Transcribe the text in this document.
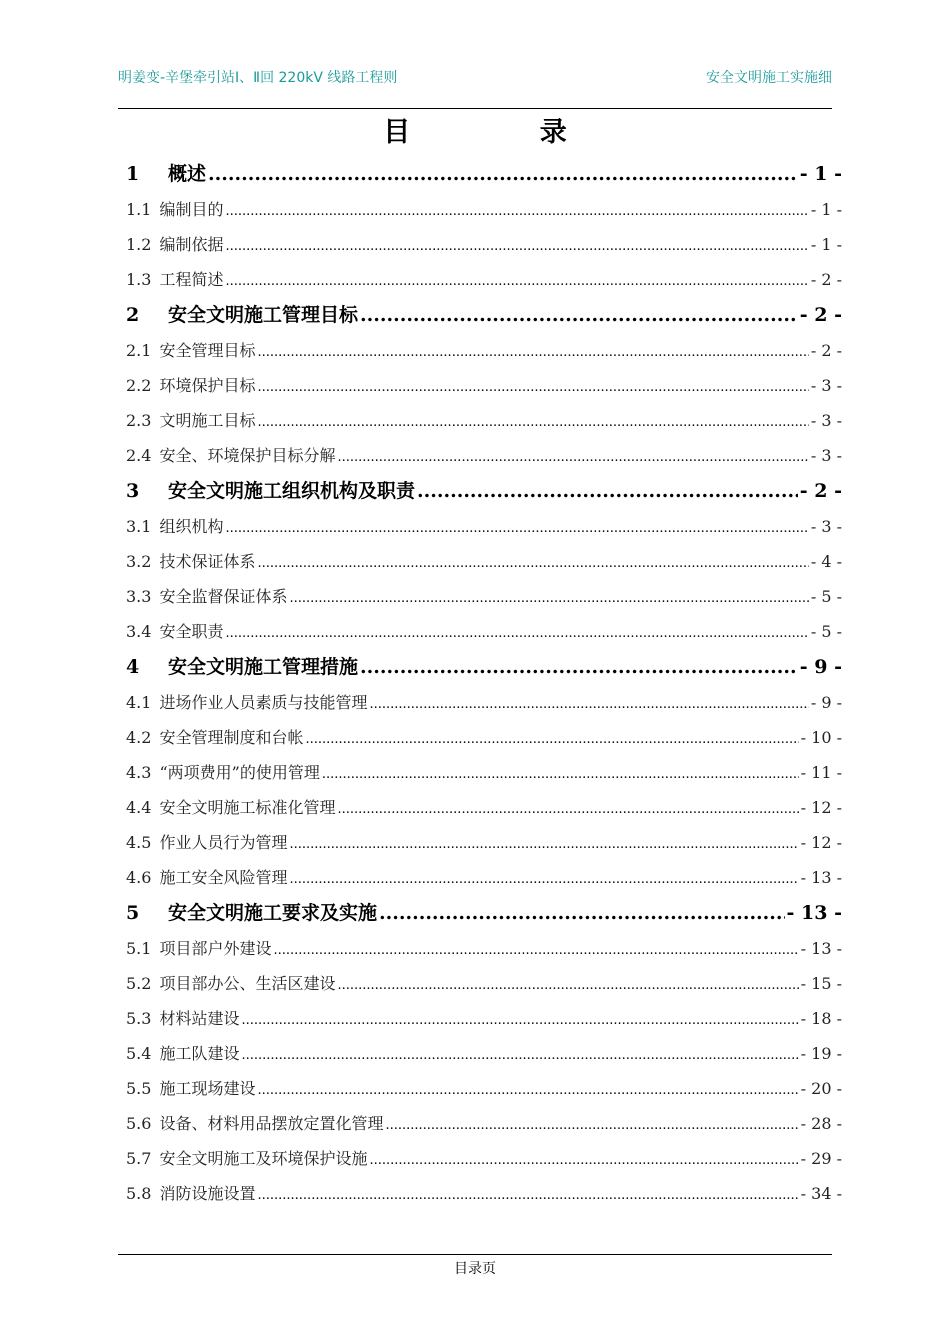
明姜变-辛堡牵引站Ⅰ、Ⅱ回 220kV 线路工程则	安全文明施工实施细
目 录
1	概述 .....	- 1 -
1.1 编制目的 .....	- 1 -
1.2 编制依据 .....	- 1 -
1.3 工程简述 .....	- 2 -
2	安全文明施工管理目标 .....	- 2 -
2.1 安全管理目标 .....	- 2 -
2.2 环境保护目标 .....	- 3 -
2.3 文明施工目标 .....	- 3 -
2.4 安全、环境保护目标分解 .....	- 3 -
3	安全文明施工组织机构及职责 .....	- 2 -
3.1 组织机构 .....	- 3 -
3.2 技术保证体系 .....	- 4 -
3.3 安全监督保证体系 .....	- 5 -
3.4 安全职责 .....	- 5 -
4	安全文明施工管理措施 .....	- 9 -
4.1 进场作业人员素质与技能管理 .....	- 9 -
4.2 安全管理制度和台帐 .....	- 10 -
4.3 “两项费用”的使用管理 .....	- 11 -
4.4 安全文明施工标准化管理 .....	- 12 -
4.5 作业人员行为管理 .....	- 12 -
4.6 施工安全风险管理 .....	- 13 -
5	安全文明施工要求及实施 .....	- 13 -
5.1 项目部户外建设 .....	- 13 -
5.2 项目部办公、生活区建设 .....	- 15 -
5.3 材料站建设 .....	- 18 -
5.4 施工队建设 .....	- 19 -
5.5 施工现场建设 .....	- 20 -
5.6 设备、材料用品摆放定置化管理 .....	- 28 -
5.7 安全文明施工及环境保护设施 .....	- 29 -
5.8 消防设施设置 .....	- 34 -
目录页
